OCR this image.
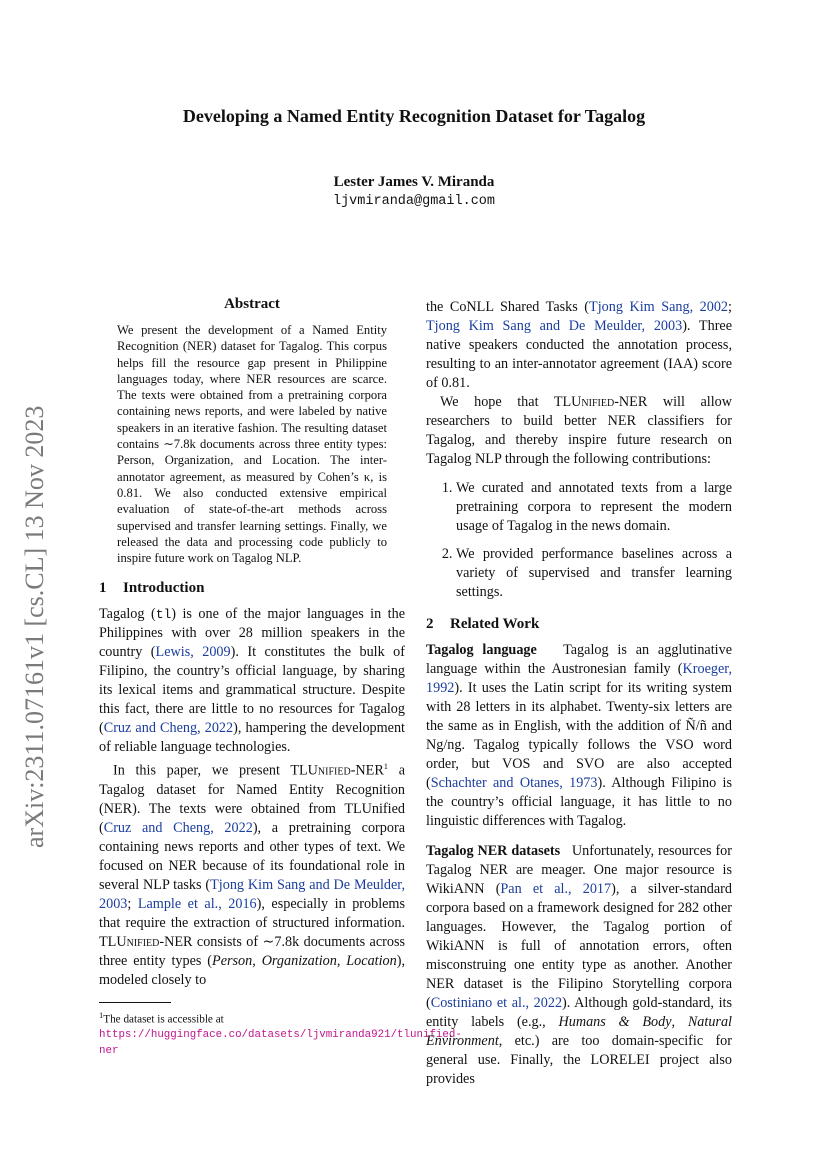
Developing a Named Entity Recognition Dataset for Tagalog
Lester James V. Miranda
ljvmiranda@gmail.com
arXiv:2311.07161v1 [cs.CL] 13 Nov 2023
Abstract
We present the development of a Named Entity Recognition (NER) dataset for Tagalog. This corpus helps fill the resource gap present in Philippine languages today, where NER resources are scarce. The texts were obtained from a pretraining corpora containing news reports, and were labeled by native speakers in an iterative fashion. The resulting dataset contains ∼7.8k documents across three entity types: Person, Organization, and Location. The inter-annotator agreement, as measured by Cohen’s κ, is 0.81. We also conducted extensive empirical evaluation of state-of-the-art methods across supervised and transfer learning settings. Finally, we released the data and processing code publicly to inspire future work on Tagalog NLP.
1 Introduction

Tagalog (tl) is one of the major languages in the Philippines with over 28 million speakers in the country (Lewis, 2009). It constitutes the bulk of Filipino, the country’s official language, by sharing its lexical items and grammatical structure. Despite this fact, there are little to no resources for Tagalog (Cruz and Cheng, 2022), hampering the development of reliable language technologies.

In this paper, we present TLUnified-NER$^1$ a Tagalog dataset for Named Entity Recognition (NER). The texts were obtained from TLUnified (Cruz and Cheng, 2022), a pretraining corpora containing news reports and other types of text. We focused on NER because of its foundational role in several NLP tasks (Tjong Kim Sang and De Meulder, 2003; Lample et al., 2016), especially in problems that require the extraction of structured information. TLUnified-NER consists of ∼7.8k documents across three entity types (Person, Organization, Location), modeled closely to

$^1$The dataset is accessible at https://huggingface.co/datasets/ljvmiranda921/tlunified-ner

the CoNLL Shared Tasks (Tjong Kim Sang, 2002; Tjong Kim Sang and De Meulder, 2003). Three native speakers conducted the annotation process, resulting to an inter-annotator agreement (IAA) score of 0.81.

We hope that TLUnified-NER will allow researchers to build better NER classifiers for Tagalog, and thereby inspire future research on Tagalog NLP through the following contributions:

1. We curated and annotated texts from a large pretraining corpora to represent the modern usage of Tagalog in the news domain.
2. We provided performance baselines across a variety of supervised and transfer learning settings.
2 Related Work

Tagalog language Tagalog is an agglutinative language within the Austronesian family (Kroeger, 1992). It uses the Latin script for its writing system with 28 letters in its alphabet. Twenty-six letters are the same as in English, with the addition of Ñ/ñ and Ng/ng. Tagalog typically follows the VSO word order, but VOS and SVO are also accepted (Schachter and Otanes, 1973). Although Filipino is the country’s official language, it has little to no linguistic differences with Tagalog.

Tagalog NER datasets Unfortunately, resources for Tagalog NER are meager. One major resource is WikiANN (Pan et al., 2017), a silver-standard corpora based on a framework designed for 282 other languages. However, the Tagalog portion of WikiANN is full of annotation errors, often misconstruing one entity type as another. Another NER dataset is the Filipino Storytelling corpora (Costiniano et al., 2022). Although gold-standard, its entity labels (e.g., Humans & Body, Natural Environment, etc.) are too domain-specific for general use. Finally, the LORELEI project also provides
